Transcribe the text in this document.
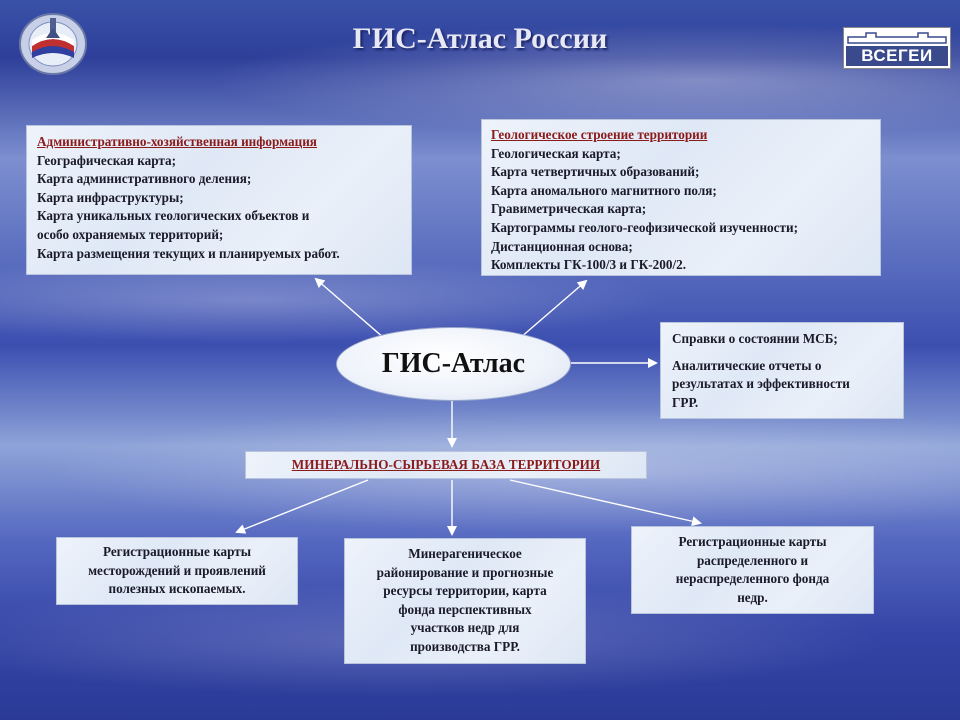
ВСЕГЕИ
ГИС-Атлас России
Административно-хозяйственная информация
Географическая карта;
Карта административного деления;
Карта инфраструктуры;
Карта уникальных геологических объектов и
особо охраняемых территорий;
Карта размещения текущих и планируемых работ.
Геологическое строение территории
Геологическая карта;
Карта четвертичных образований;
Карта аномального магнитного поля;
Гравиметрическая карта;
Картограммы геолого-геофизической изученности;
Дистанционная основа;
Комплекты ГК-100/3 и ГК-200/2.
ГИС-Атлас
Справки о состоянии МСБ;
Аналитические отчеты о
результатах и эффективности
ГРР.
МИНЕРАЛЬНО-СЫРЬЕВАЯ БАЗА ТЕРРИТОРИИ
Регистрационные карты
месторождений и проявлений
полезных ископаемых.
Минерагеническое
районирование и прогнозные
ресурсы территории, карта
фонда перспективных
участков недр для
производства ГРР.
Регистрационные карты
распределенного и
нераспределенного фонда
недр.
